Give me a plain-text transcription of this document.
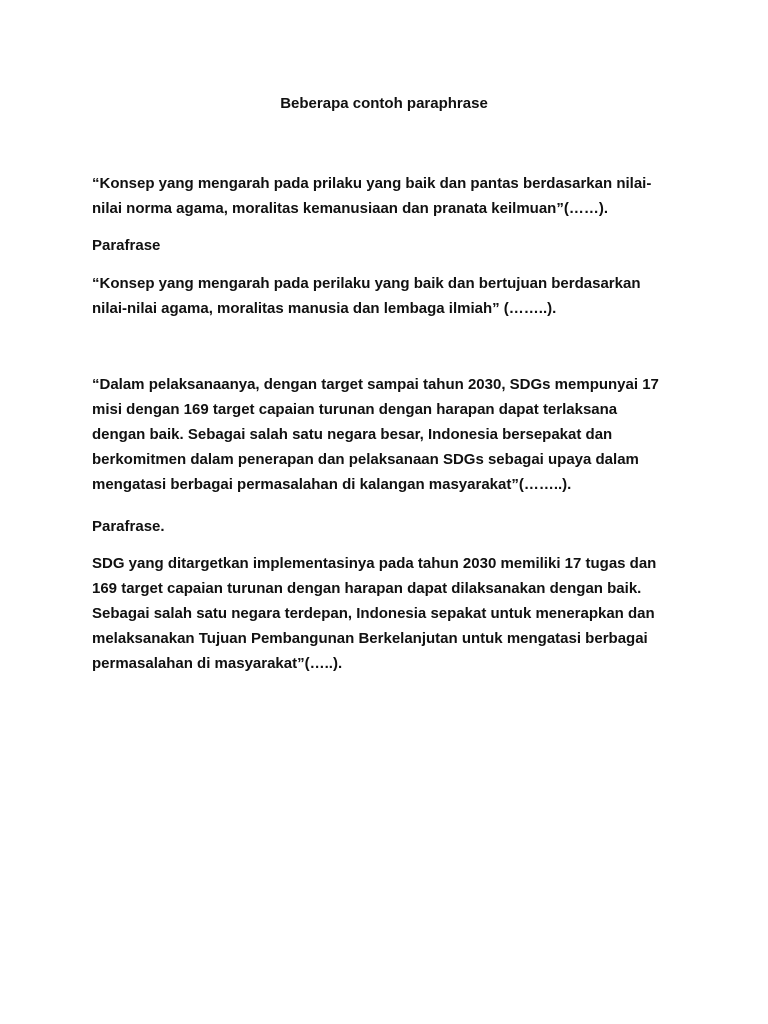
Beberapa contoh paraphrase

“Konsep yang mengarah pada prilaku yang baik dan pantas berdasarkan nilai-
nilai norma agama, moralitas kemanusiaan dan pranata keilmuan”(……).

Parafrase

“Konsep yang mengarah pada perilaku yang baik dan bertujuan berdasarkan
nilai-nilai agama, moralitas manusia dan lembaga ilmiah” (……..).

“Dalam pelaksanaanya, dengan target sampai tahun 2030, SDGs mempunyai 17
misi dengan 169 target capaian turunan dengan harapan dapat terlaksana
dengan baik. Sebagai salah satu negara besar, Indonesia bersepakat dan
berkomitmen dalam penerapan dan pelaksanaan SDGs sebagai upaya dalam
mengatasi berbagai permasalahan di kalangan masyarakat”(……..).

Parafrase.

SDG yang ditargetkan implementasinya pada tahun 2030 memiliki 17 tugas dan
169 target capaian turunan dengan harapan dapat dilaksanakan dengan baik.
Sebagai salah satu negara terdepan, Indonesia sepakat untuk menerapkan dan
melaksanakan Tujuan Pembangunan Berkelanjutan untuk mengatasi berbagai
permasalahan di masyarakat”(…..).
